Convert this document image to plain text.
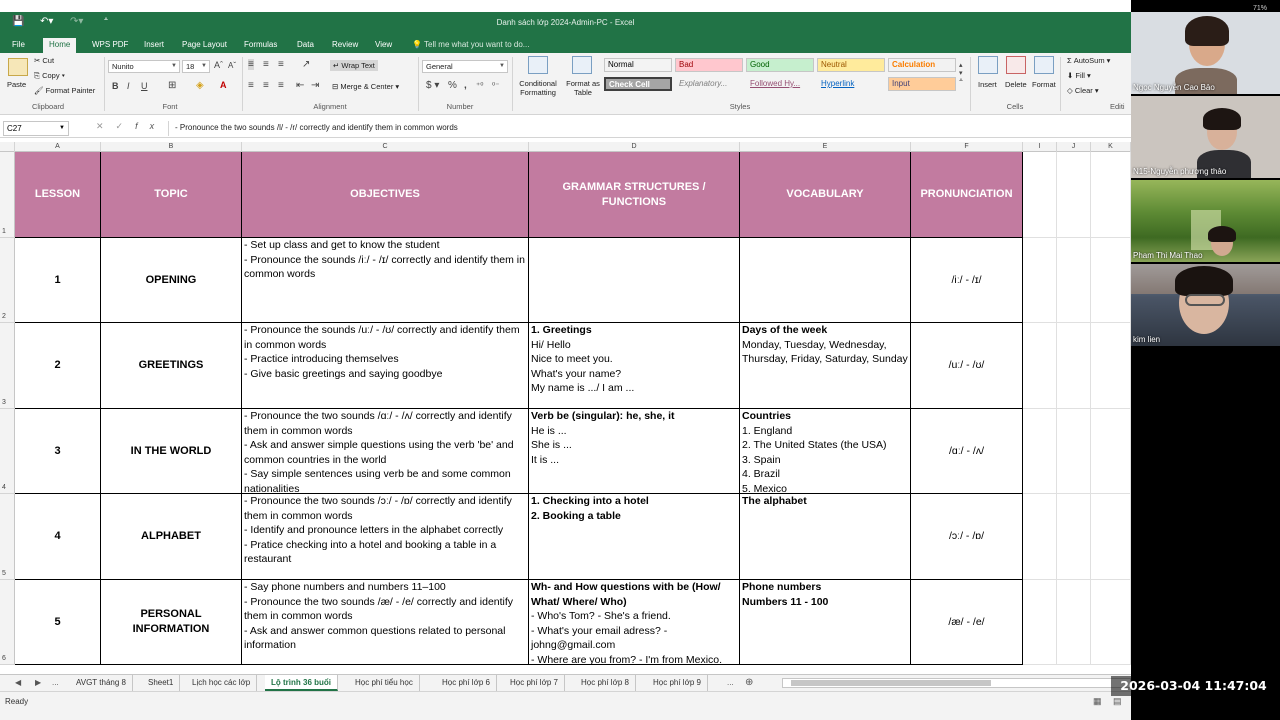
💾 ↶▾ ↷▾	⩡	Danh sách lớp 2024-Admin-PC - Excel
File	Home	WPS PDF	Insert	Page Layout	Formulas	Data	Review	View	💡 Tell me what you want to do...
Paste
✂ Cut
⎘ Copy ▾
🖌 Format Painter
Clipboard
Nunito	▼	18 ▼ Aˆ Aˇ
B I U ⊞ ◈ A
Font
≡ ≡ ≡ ↗	↵ Wrap Text
≡ ≡ ≡ ⇤ ⇥ ⊟ Merge & Center ▾
Alignment
General	▼
$ ▾ % , ⁺⁰ ⁰⁻
Number
Conditional Formatting
Format as Table
Normal	Bad	Good	Neutral	Calculation
Check Cell	Explanatory...	Followed Hy...	Hyperlink	Input
▴
▾
⩡
Styles
Insert Delete Format
Cells
Σ AutoSum ▾
⬇ Fill ▾
◇ Clear ▾
Editi
C27	▼	✕✓fx	- Pronounce the two sounds /l/ - /r/ correctly and identify them in common words
A	B	C	D	E	F	I	J	K
1
2
3
4
5
6
LESSON	TOPIC	OBJECTIVES
GRAMMAR STRUCTURES / FUNCTIONS
VOCABULARY	PRONUNCIATION
1	OPENING
- Set up class and get to know the student
- Pronounce the sounds /iː/ - /ɪ/ correctly and identify them in common words	/iː/ - /ɪ/
2	GREETINGS
- Pronounce the sounds /uː/ - /ʊ/ correctly and identify them in common words
- Practice introducing themselves
- Give basic greetings and saying goodbye
1. Greetings
Hi/ Hello
Nice to meet you.
What's your name?
My name is .../ I am ...
Days of the week
Monday, Tuesday, Wednesday, Thursday, Friday, Saturday, Sunday
/uː/ - /ʊ/
3	IN THE WORLD
- Pronounce the two sounds /ɑː/ - /ʌ/ correctly and identify them in common words
- Ask and answer simple questions using the verb 'be' and common countries in the world
- Say simple sentences using verb be and some common nationalities
Verb be (singular): he, she, it
He is ...
She is ...
It is ...
Countries
1. England
2. The United States (the USA)
3. Spain
4. Brazil
5. Mexico
/ɑː/ - /ʌ/
4	ALPHABET
- Pronounce the two sounds /ɔː/ - /ɒ/ correctly and identify them in common words
- Identify and pronounce letters in the alphabet correctly
- Pratice checking into a hotel and booking a table in a restaurant
1. Checking into a hotel
2. Booking a table
The alphabet
/ɔː/ - /ɒ/
5
PERSONAL INFORMATION
- Say phone numbers and numbers 11–100
- Pronounce the two sounds /æ/ - /e/ correctly and identify them in common words
- Ask and answer common questions related to personal information
Wh- and How questions with be (How/ What/ Where/ Who)
- Who's Tom? - She's a friend.
- What's your email adress? - johng@gmail.com
- Where are you from? - I'm from Mexico.
Phone numbers
Numbers 11 - 100
/æ/ - /e/
◀ ▶ ...	AVGT tháng 8	Sheet1	Lịch học các lớp	Lộ trình 36 buổi	Học phí tiểu học	Học phí lớp 6	Học phí lớp 7	Học phí lớp 8	Học phí lớp 9	... ⊕
Ready	▦ ▤
Ngọc Nguyễn Cao Bảo
N15-Nguyễn phương thảo
Pham Thi Mai Thao
kim lien
2026-03-04 11:47:04
71%
